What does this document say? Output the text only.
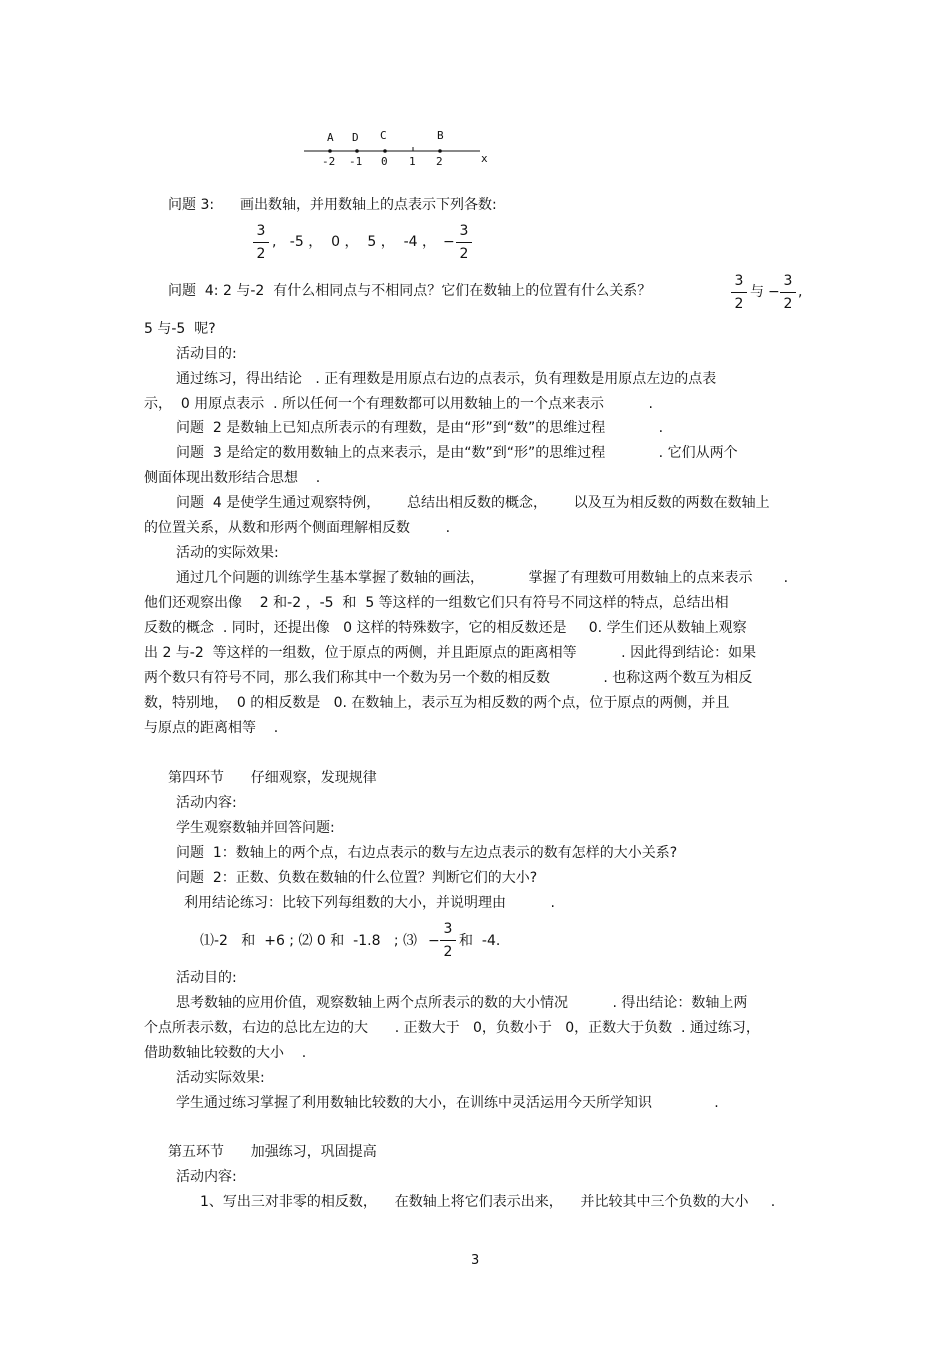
A D C	B
-2 -1 0 1 2	x
问题 3: 画出数轴，并用数轴上的点表示下列各数:
3
2
,   -5 ，  0 ，  5 ，  -4 ， −
3
2
问题  4: 2 与-2  有什么相同点与不相同点？它们在数轴上的位置有什么关系？
3
2
与 −
3
2
,
5 与-5  呢?
活动目的:
通过练习，得出结论   . 正有理数是用原点右边的点表示，负有理数是用原点左边的点表
示，  0 用原点表示  . 所以任何一个有理数都可以用数轴上的一个点来表示          .
问题  2 是数轴上已知点所表示的有理数，是由“形”到“数”的思维过程            .
问题  3 是给定的数用数轴上的点来表示，是由“数”到“形”的思维过程            . 它们从两个
侧面体现出数形结合思想    .
问题  4 是使学生通过观察特例，      总结出相反数的概念，      以及互为相反数的两数在数轴上
的位置关系，从数和形两个侧面理解相反数        .
活动的实际效果:
通过几个问题的训练学生基本掌握了数轴的画法，          掌握了有理数可用数轴上的点来表示       .
他们还观察出像    2 和-2 ，-5  和  5 等这样的一组数它们只有符号不同这样的特点，总结出相
反数的概念  . 同时，还提出像   0 这样的特殊数字，它的相反数还是     0. 学生们还从数轴上观察
出 2 与-2  等这样的一组数，位于原点的两侧，并且距原点的距离相等          . 因此得到结论：如果
两个数只有符号不同，那么我们称其中一个数为另一个数的相反数            . 也称这两个数互为相反
数，特别地，  0 的相反数是   0. 在数轴上，表示互为相反数的两个点，位于原点的两侧，并且
与原点的距离相等    .
第四环节      仔细观察，发现规律
活动内容:
学生观察数轴并回答问题:
问题  1：数轴上的两个点，右边点表示的数与左边点表示的数有怎样的大小关系?
问题  2：正数、负数在数轴的什么位置？判断它们的大小?
利用结论练习：比较下列每组数的大小，并说明理由          .
⑴-2   和  +6 ; ⑵ 0 和  -1.8   ; ⑶ −
3
2
和  -4.
活动目的:
思考数轴的应用价值，观察数轴上两个点所表示的数的大小情况          . 得出结论：数轴上两
个点所表示数，右边的总比左边的大      . 正数大于   0，负数小于   0，正数大于负数  . 通过练习，
借助数轴比较数的大小    .
活动实际效果:
学生通过练习掌握了利用数轴比较数的大小，在训练中灵活运用今天所学知识              .
第五环节      加强练习，巩固提高
活动内容:
1、写出三对非零的相反数，    在数轴上将它们表示出来，    并比较其中三个负数的大小     .
3
